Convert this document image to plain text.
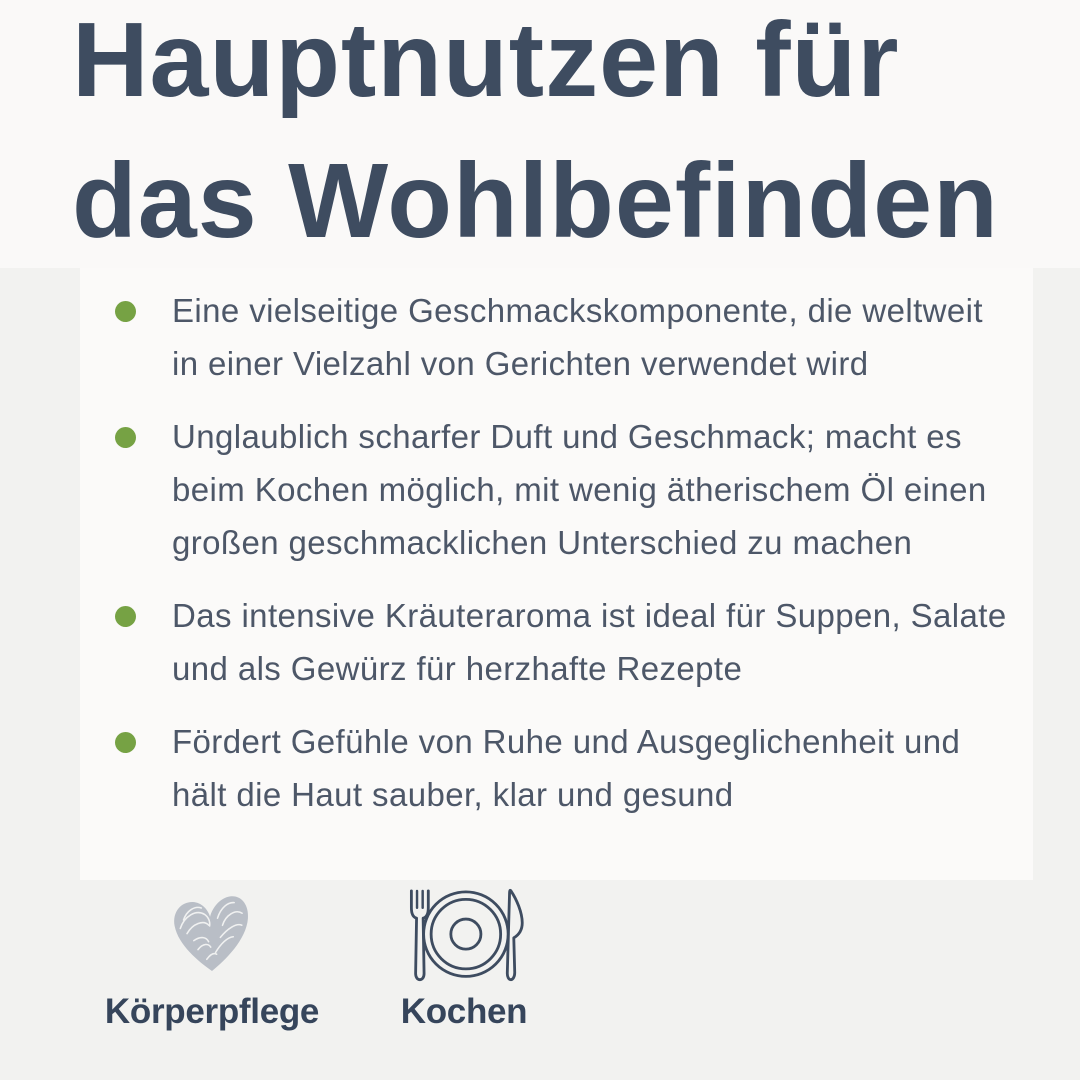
Hauptnutzen für
das Wohlbefinden
Eine vielseitige Geschmackskomponente, die weltweit
in einer Vielzahl von Gerichten verwendet wird
Unglaublich scharfer Duft und Geschmack; macht es
beim Kochen möglich, mit wenig ätherischem Öl einen
großen geschmacklichen Unterschied zu machen
Das intensive Kräuteraroma ist ideal für Suppen, Salate
und als Gewürz für herzhafte Rezepte
Fördert Gefühle von Ruhe und Ausgeglichenheit und
hält die Haut sauber, klar und gesund
Körperpflege Kochen
